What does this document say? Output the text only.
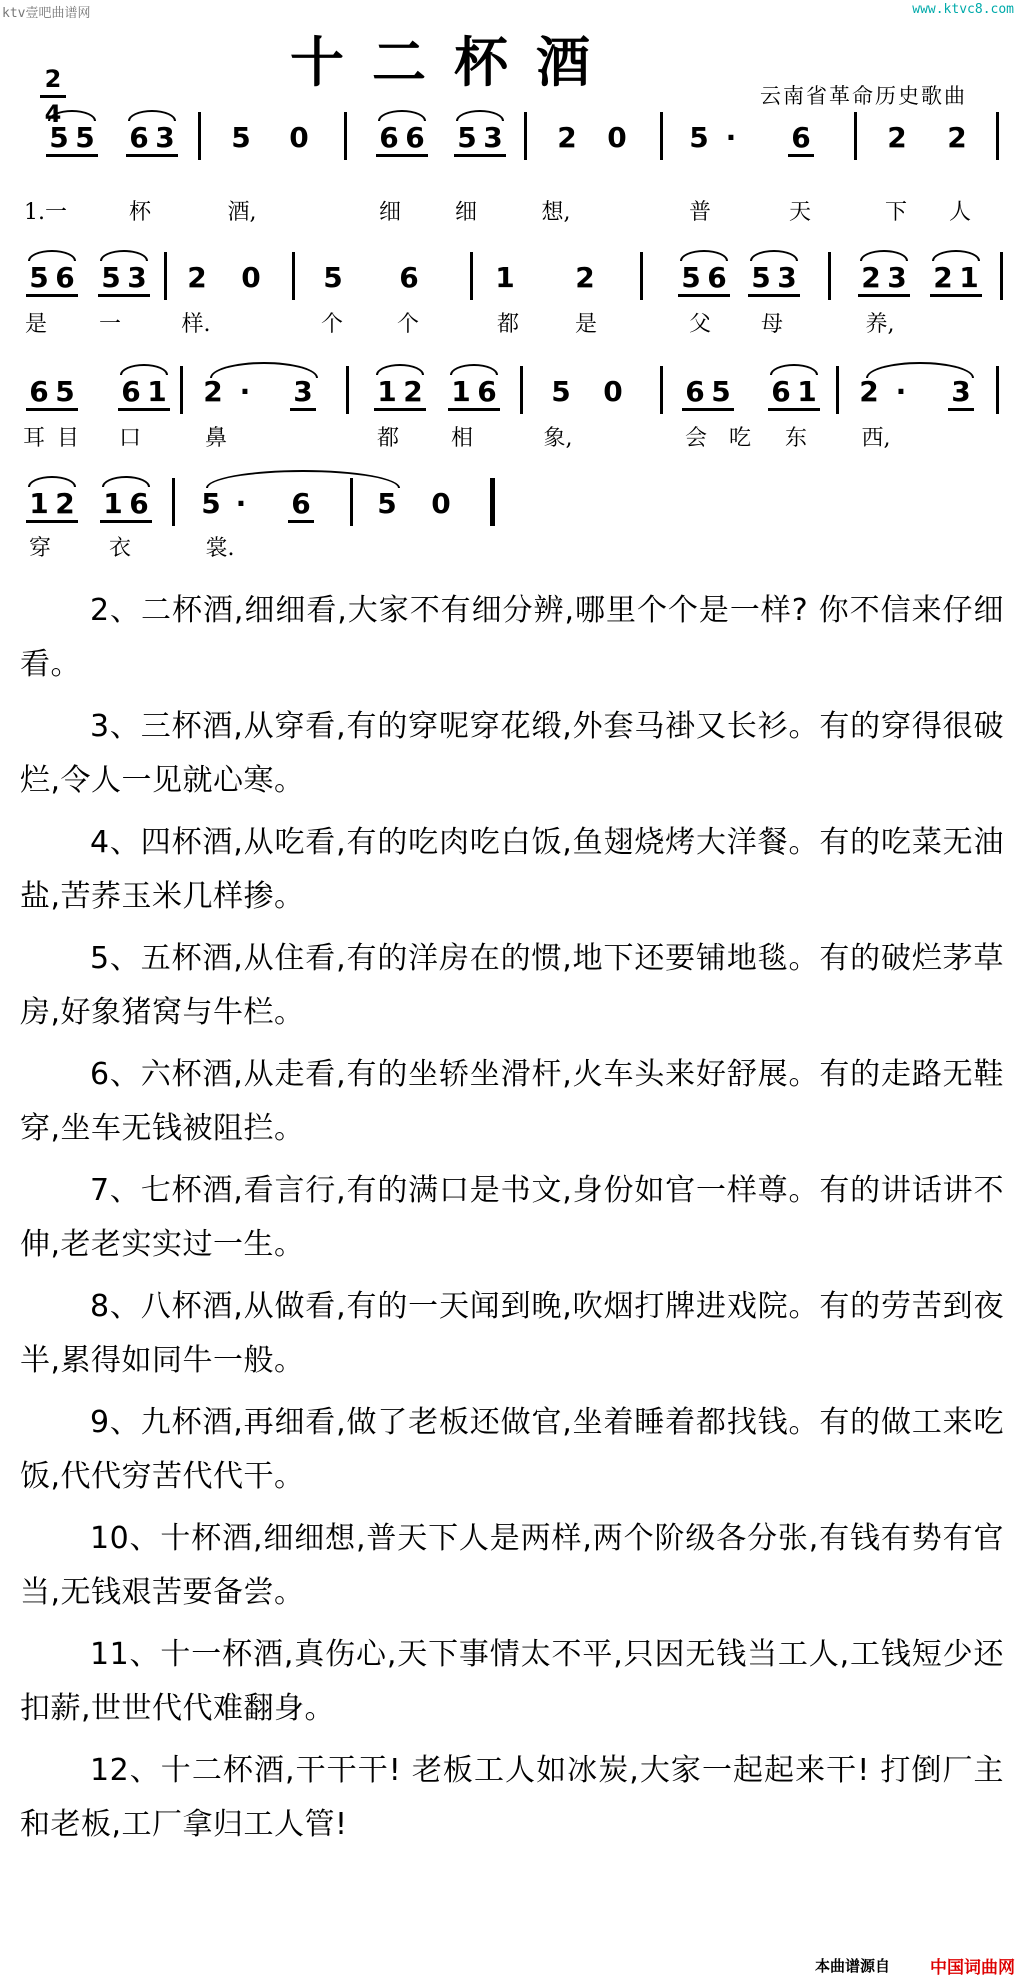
ktv壹吧曲谱网	www.ktvc8.com
十二杯酒
云南省革命历史歌曲
2
4
5 5 6 3 5 0	6 6 5 3 2 0 5 ·	6	2 2
1.一	杯	酒,	细	细	想,	普	天	下	人
5 6 5 3 2 0 5 6	1 2	5 6 5 3 2 3 2 1
是	一	样.	个	个	都	是	父	母	养,
6 5 6 1 2 ·	3 1 2 1 6 5 0 6 5 6 1 2 ·	3
耳 目	口	鼻	都	相	象,	会 吃	东	西,
1 2 1 6 5 ·	6 5 0
穿	衣	裳.

2、二杯酒,细细看,大家不有细分辨,哪里个个是一样? 你不信来仔细看。

3、三杯酒,从穿看,有的穿呢穿花缎,外套马褂又长衫。有的穿得很破烂,令人一见就心寒。

4、四杯酒,从吃看,有的吃肉吃白饭,鱼翅烧烤大洋餐。有的吃菜无油盐,苦荞玉米几样掺。

5、五杯酒,从住看,有的洋房在的惯,地下还要铺地毯。有的破烂茅草房,好象猪窝与牛栏。

6、六杯酒,从走看,有的坐轿坐滑杆,火车头来好舒展。有的走路无鞋穿,坐车无钱被阻拦。

7、七杯酒,看言行,有的满口是书文,身份如官一样尊。有的讲话讲不伸,老老实实过一生。

8、八杯酒,从做看,有的一天闻到晚,吹烟打牌进戏院。有的劳苦到夜半,累得如同牛一般。

9、九杯酒,再细看,做了老板还做官,坐着睡着都找钱。有的做工来吃饭,代代穷苦代代干。

10、十杯酒,细细想,普天下人是两样,两个阶级各分张,有钱有势有官当,无钱艰苦要备尝。

11、十一杯酒,真伤心,天下事情太不平,只因无钱当工人,工钱短少还扣薪,世世代代难翻身。

12、十二杯酒,干干干! 老板工人如冰炭,大家一起起来干! 打倒厂主和老板,工厂拿归工人管!

本曲谱源自 中国词曲网
